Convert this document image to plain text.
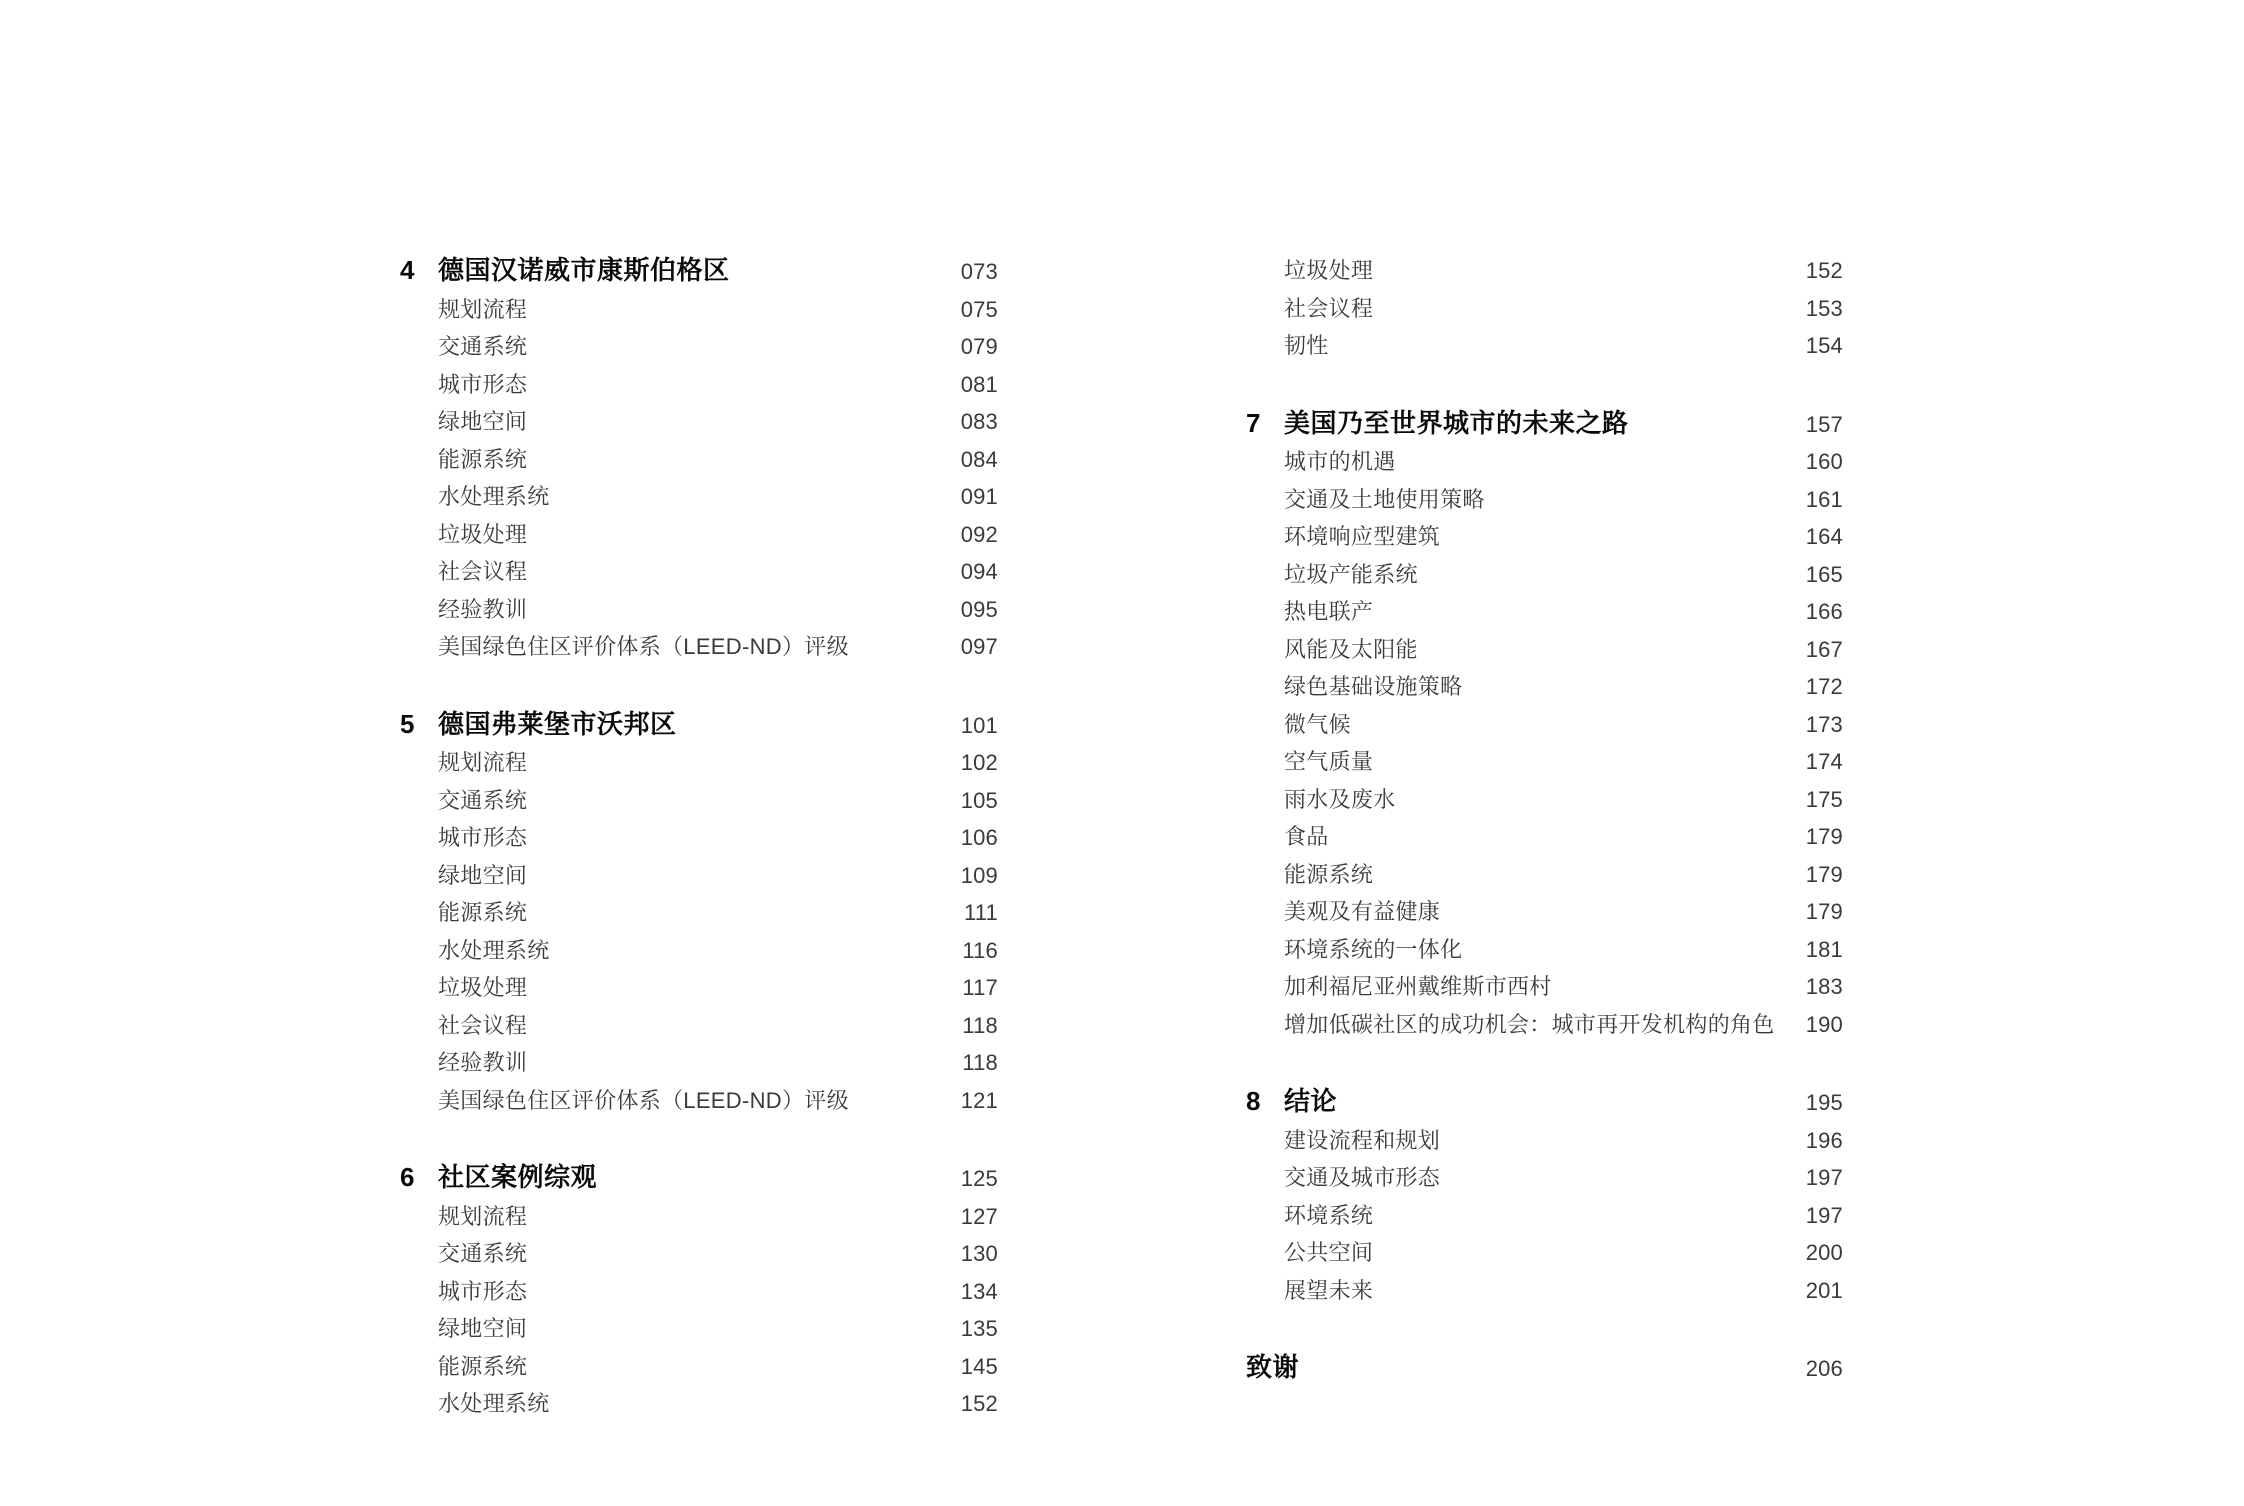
4 德国汉诺威市康斯伯格区	073
规划流程	075
交通系统	079
城市形态	081
绿地空间	083
能源系统	084
水处理系统	091
垃圾处理	092
社会议程	094
经验教训	095
美国绿色住区评价体系（LEED-ND）评级	097
5 德国弗莱堡市沃邦区	101
规划流程	102
交通系统	105
城市形态	106
绿地空间	109
能源系统	111
水处理系统	116
垃圾处理	117
社会议程	118
经验教训	118
美国绿色住区评价体系（LEED-ND）评级	121
6 社区案例综观	125
规划流程	127
交通系统	130
城市形态	134
绿地空间	135
能源系统	145
水处理系统	152
垃圾处理	152
社会议程	153
韧性	154
7 美国乃至世界城市的未来之路	157
城市的机遇	160
交通及土地使用策略	161
环境响应型建筑	164
垃圾产能系统	165
热电联产	166
风能及太阳能	167
绿色基础设施策略	172
微气候	173
空气质量	174
雨水及废水	175
食品	179
能源系统	179
美观及有益健康	179
环境系统的一体化	181
加利福尼亚州戴维斯市西村	183
增加低碳社区的成功机会：城市再开发机构的角色 190
8 结论	195
建设流程和规划	196
交通及城市形态	197
环境系统	197
公共空间	200
展望未来	201
致谢	206
